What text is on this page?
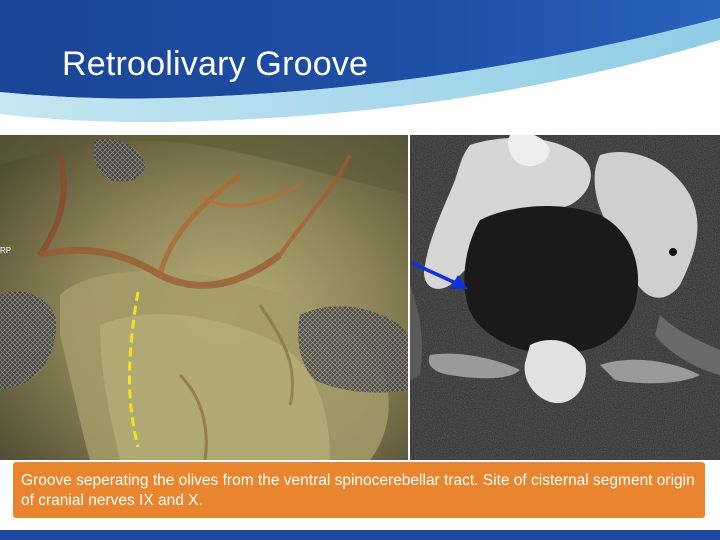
Retroolivary Groove
RP
Groove seperating the olives from the ventral spinocerebellar tract. Site of cisternal segment origin of cranial nerves IX and X.
